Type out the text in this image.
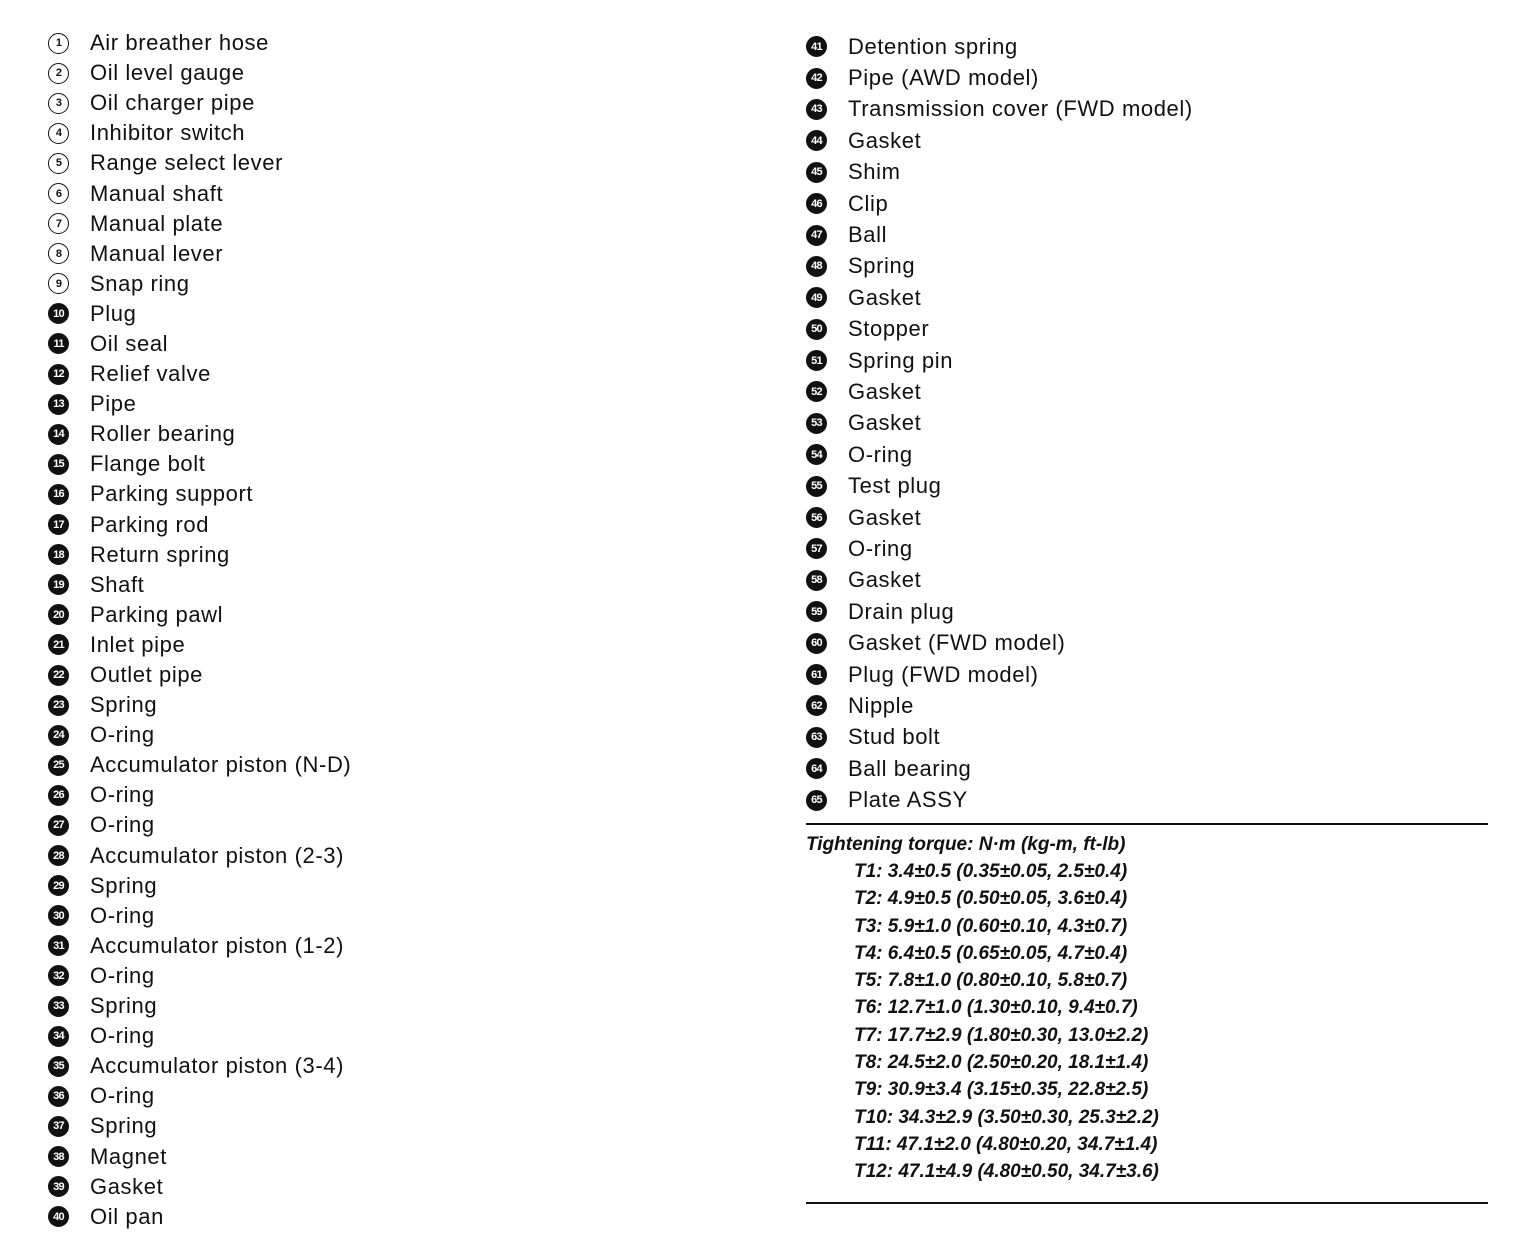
1	Air breather hose
2	Oil level gauge
3	Oil charger pipe
4	Inhibitor switch
5	Range select lever
6	Manual shaft
7	Manual plate
8	Manual lever
9	Snap ring
10 Plug
11 Oil seal
12 Relief valve
13 Pipe
14 Roller bearing
15 Flange bolt
16 Parking support
17 Parking rod
18 Return spring
19 Shaft
20 Parking pawl
21 Inlet pipe
22 Outlet pipe
23 Spring
24 O-ring
25 Accumulator piston (N-D)
26 O-ring
27 O-ring
28 Accumulator piston (2-3)
29 Spring
30 O-ring
31 Accumulator piston (1-2)
32 O-ring
33 Spring
34 O-ring
35 Accumulator piston (3-4)
36 O-ring
37 Spring
38 Magnet
39 Gasket
40 Oil pan
41 Detention spring
42 Pipe (AWD model)
43 Transmission cover (FWD model)
44 Gasket
45 Shim
46 Clip
47 Ball
48 Spring
49 Gasket
50 Stopper
51 Spring pin
52 Gasket
53 Gasket
54 O-ring
55 Test plug
56 Gasket
57 O-ring
58 Gasket
59 Drain plug
60 Gasket (FWD model)
61 Plug (FWD model)
62 Nipple
63 Stud bolt
64 Ball bearing
65 Plate ASSY
Tightening torque: N·m (kg-m, ft-lb)
T1: 3.4±0.5 (0.35±0.05, 2.5±0.4)
T2: 4.9±0.5 (0.50±0.05, 3.6±0.4)
T3: 5.9±1.0 (0.60±0.10, 4.3±0.7)
T4: 6.4±0.5 (0.65±0.05, 4.7±0.4)
T5: 7.8±1.0 (0.80±0.10, 5.8±0.7)
T6: 12.7±1.0 (1.30±0.10, 9.4±0.7)
T7: 17.7±2.9 (1.80±0.30, 13.0±2.2)
T8: 24.5±2.0 (2.50±0.20, 18.1±1.4)
T9: 30.9±3.4 (3.15±0.35, 22.8±2.5)
T10: 34.3±2.9 (3.50±0.30, 25.3±2.2)
T11: 47.1±2.0 (4.80±0.20, 34.7±1.4)
T12: 47.1±4.9 (4.80±0.50, 34.7±3.6)
